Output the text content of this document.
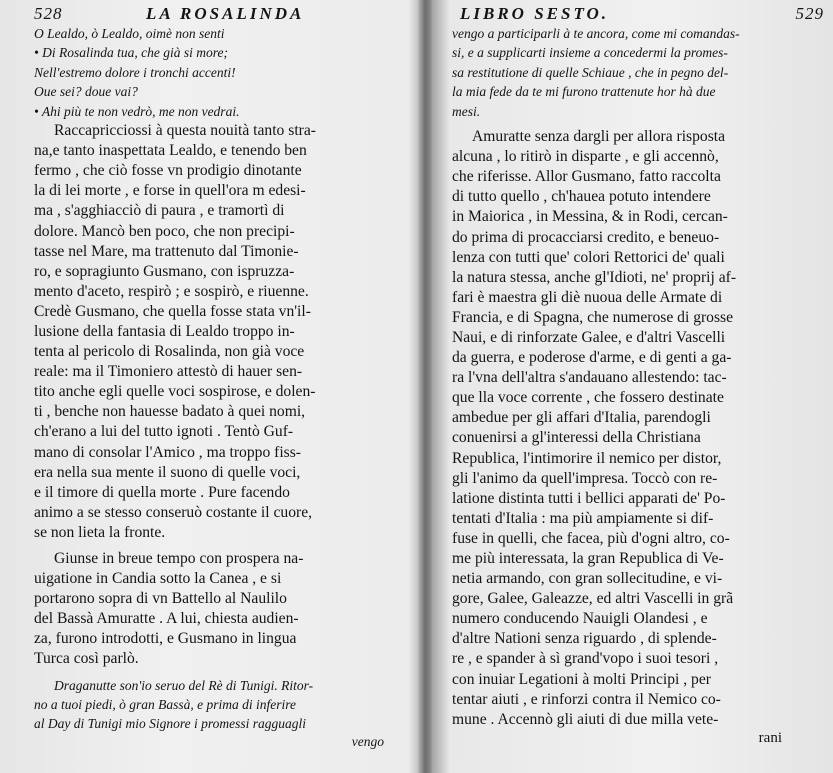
528	LA ROSALINDA
O Lealdo, ò Lealdo, oimè non senti
• Di Rosalinda tua, che già si more;
Nell'estremo dolore i tronchi accenti!
Oue sei? doue vai?
• Ahi più te non vedrò, me non vedrai.
Raccapricciossi à questa nouità tanto stra-
na,e tanto inaspettata Lealdo, e tenendo ben
fermo , che ciò fosse vn prodigio dinotante
la di lei morte , e forse in quell'ora m edesi-
ma , s'agghiacciò di paura , e tramortì di
dolore. Mancò ben poco, che non precipi-
tasse nel Mare, ma trattenuto dal Timonie-
ro, e sopragiunto Gusmano, con ispruzza-
mento d'aceto, respirò ; e sospirò, e riuenne.
Credè Gusmano, che quella fosse stata vn'il-
lusione della fantasia di Lealdo troppo in-
tenta al pericolo di Rosalinda, non già voce
reale: ma il Timoniero attestò di hauer sen-
tito anche egli quelle voci sospirose, e dolen-
ti , benche non hauesse badato à quei nomi,
ch'erano a lui del tutto ignoti . Tentò Guf-
mano di consolar l'Amico , ma troppo fiss-
era nella sua mente il suono di quelle voci,
e il timore di quella morte . Pure facendo
animo a se stesso conseruò costante il cuore,
se non lieta la fronte.
Giunse in breue tempo con prospera na-
uigatione in Candia sotto la Canea , e si
portarono sopra di vn Battello al Naulilo
del Bassà Amuratte . A lui, chiesta audien-
za, furono introdotti, e Gusmano in lingua
Turca così parlò.
Draganutte son'io seruo del Rè di Tunigi. Ritor-
no a tuoi piedi, ò gran Bassà, e prima di inferire
al Day di Tunigi mio Signore i promessi ragguagli
vengo
LIBRO SESTO.	529
vengo a participarli à te ancora, come mi comandas-
si, e a supplicarti insieme a concedermi la promes-
sa restitutione di quelle Schiaue , che in pegno del-
la mia fede da te mi furono trattenute hor hà due
mesi.
Amuratte senza dargli per allora risposta
alcuna , lo ritirò in disparte , e gli accennò,
che riferisse. Allor Gusmano, fatto raccolta
di tutto quello , ch'hauea potuto intendere
in Maiorica , in Messina, & in Rodi, cercan-
do prima di procacciarsi credito, e beneuo-
lenza con tutti que' colori Rettorici de' quali
la natura stessa, anche gl'Idioti, ne' proprij af-
fari è maestra gli diè nuoua delle Armate di
Francia, e di Spagna, che numerose di grosse
Naui, e di rinforzate Galee, e d'altri Vascelli
da guerra, e poderose d'arme, e di genti a ga-
ra l'vna dell'altra s'andauano allestendo: tac-
que lla voce corrente , che fossero destinate
ambedue per gli affari d'Italia, parendogli
conuenirsi a gl'interessi della Christiana
Republica, l'intimorire il nemico per distor,
gli l'animo da quell'impresa. Toccò con re-
latione distinta tutti i bellici apparati de' Po-
tentati d'Italia : ma più ampiamente si dif-
fuse in quelli, che facea, più d'ogni altro, co-
me più interessata, la gran Republica di Ve-
netia armando, con gran sollecitudine, e vi-
gore, Galee, Galeazze, ed altri Vascelli in grã
numero conducendo Nauigli Olandesi , e
d'altre Nationi senza riguardo , di splende-
re , e spander à sì grand'vopo i suoi tesori ,
con inuiar Legationi à molti Principi , per
tentar aiuti , e rinforzi contra il Nemico co-
mune . Accennò gli aiuti di due milla vete-
rani
